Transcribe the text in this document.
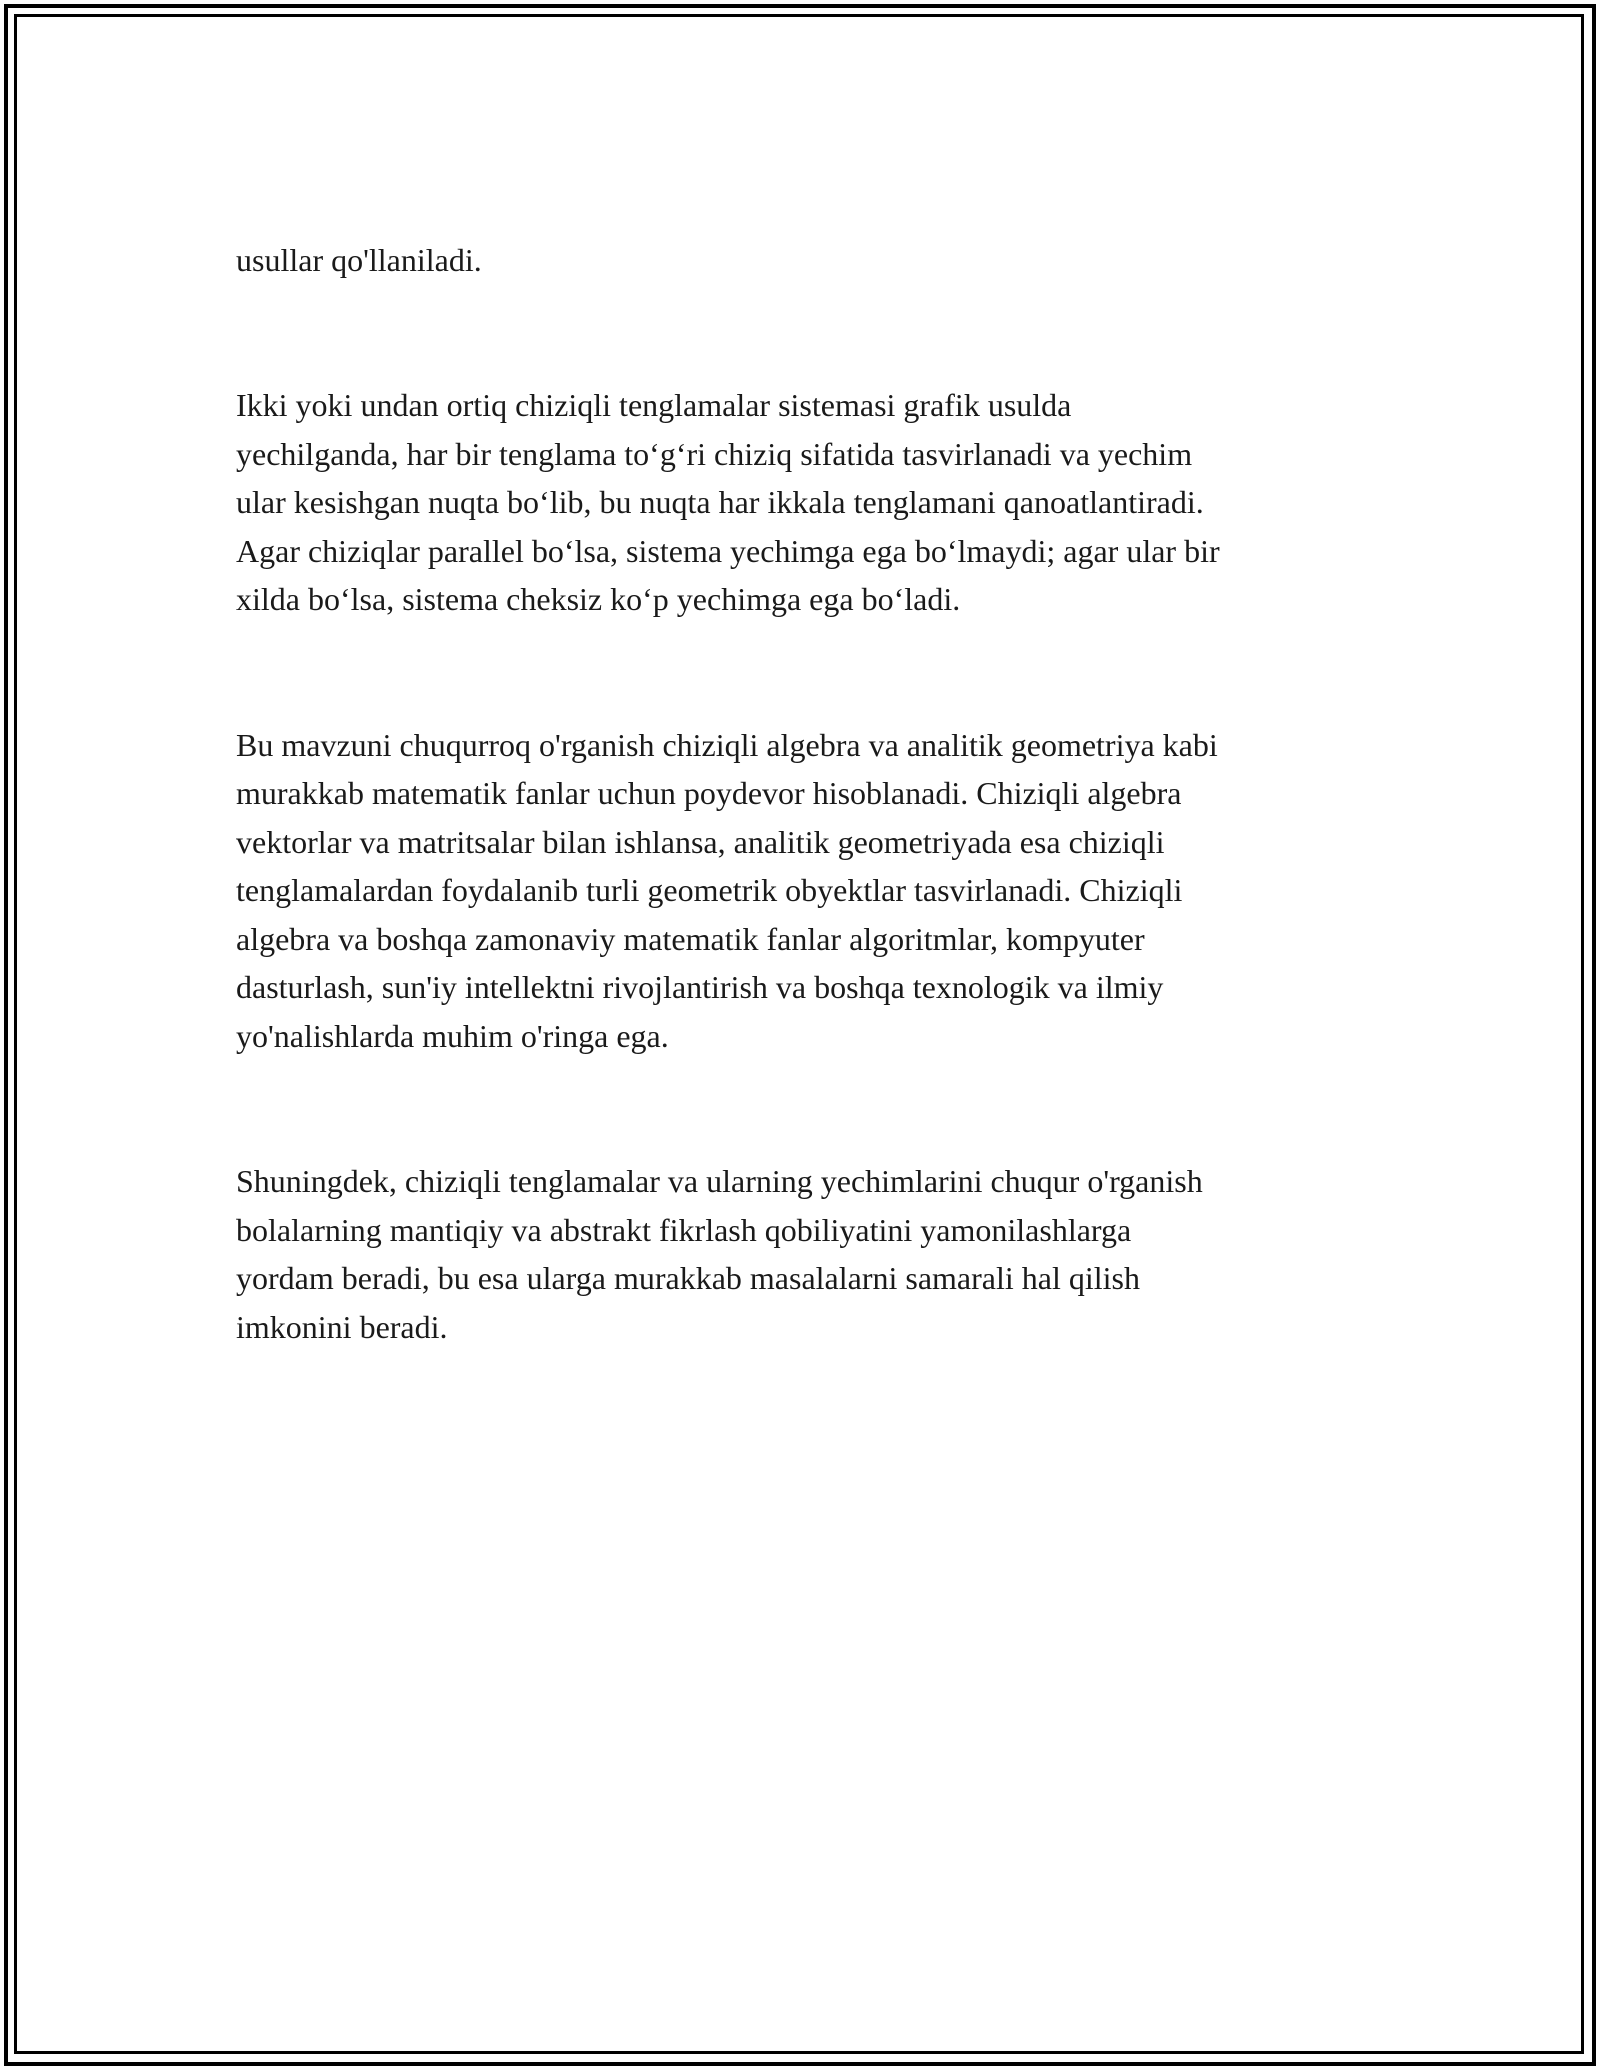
usullar qo'llaniladi.

Ikki yoki undan ortiq chiziqli tenglamalar sistemasi grafik usulda
yechilganda, har bir tenglama to‘g‘ri chiziq sifatida tasvirlanadi va yechim
ular kesishgan nuqta bo‘lib, bu nuqta har ikkala tenglamani qanoatlantiradi.
Agar chiziqlar parallel bo‘lsa, sistema yechimga ega bo‘lmaydi; agar ular bir
xilda bo‘lsa, sistema cheksiz ko‘p yechimga ega bo‘ladi.

Bu mavzuni chuqurroq o'rganish chiziqli algebra va analitik geometriya kabi
murakkab matematik fanlar uchun poydevor hisoblanadi. Chiziqli algebra
vektorlar va matritsalar bilan ishlansa, analitik geometriyada esa chiziqli
tenglamalardan foydalanib turli geometrik obyektlar tasvirlanadi. Chiziqli
algebra va boshqa zamonaviy matematik fanlar algoritmlar, kompyuter
dasturlash, sun'iy intellektni rivojlantirish va boshqa texnologik va ilmiy
yo'nalishlarda muhim o'ringa ega.

Shuningdek, chiziqli tenglamalar va ularning yechimlarini chuqur o'rganish
bolalarning mantiqiy va abstrakt fikrlash qobiliyatini yamonilashlarga
yordam beradi, bu esa ularga murakkab masalalarni samarali hal qilish
imkonini beradi.
